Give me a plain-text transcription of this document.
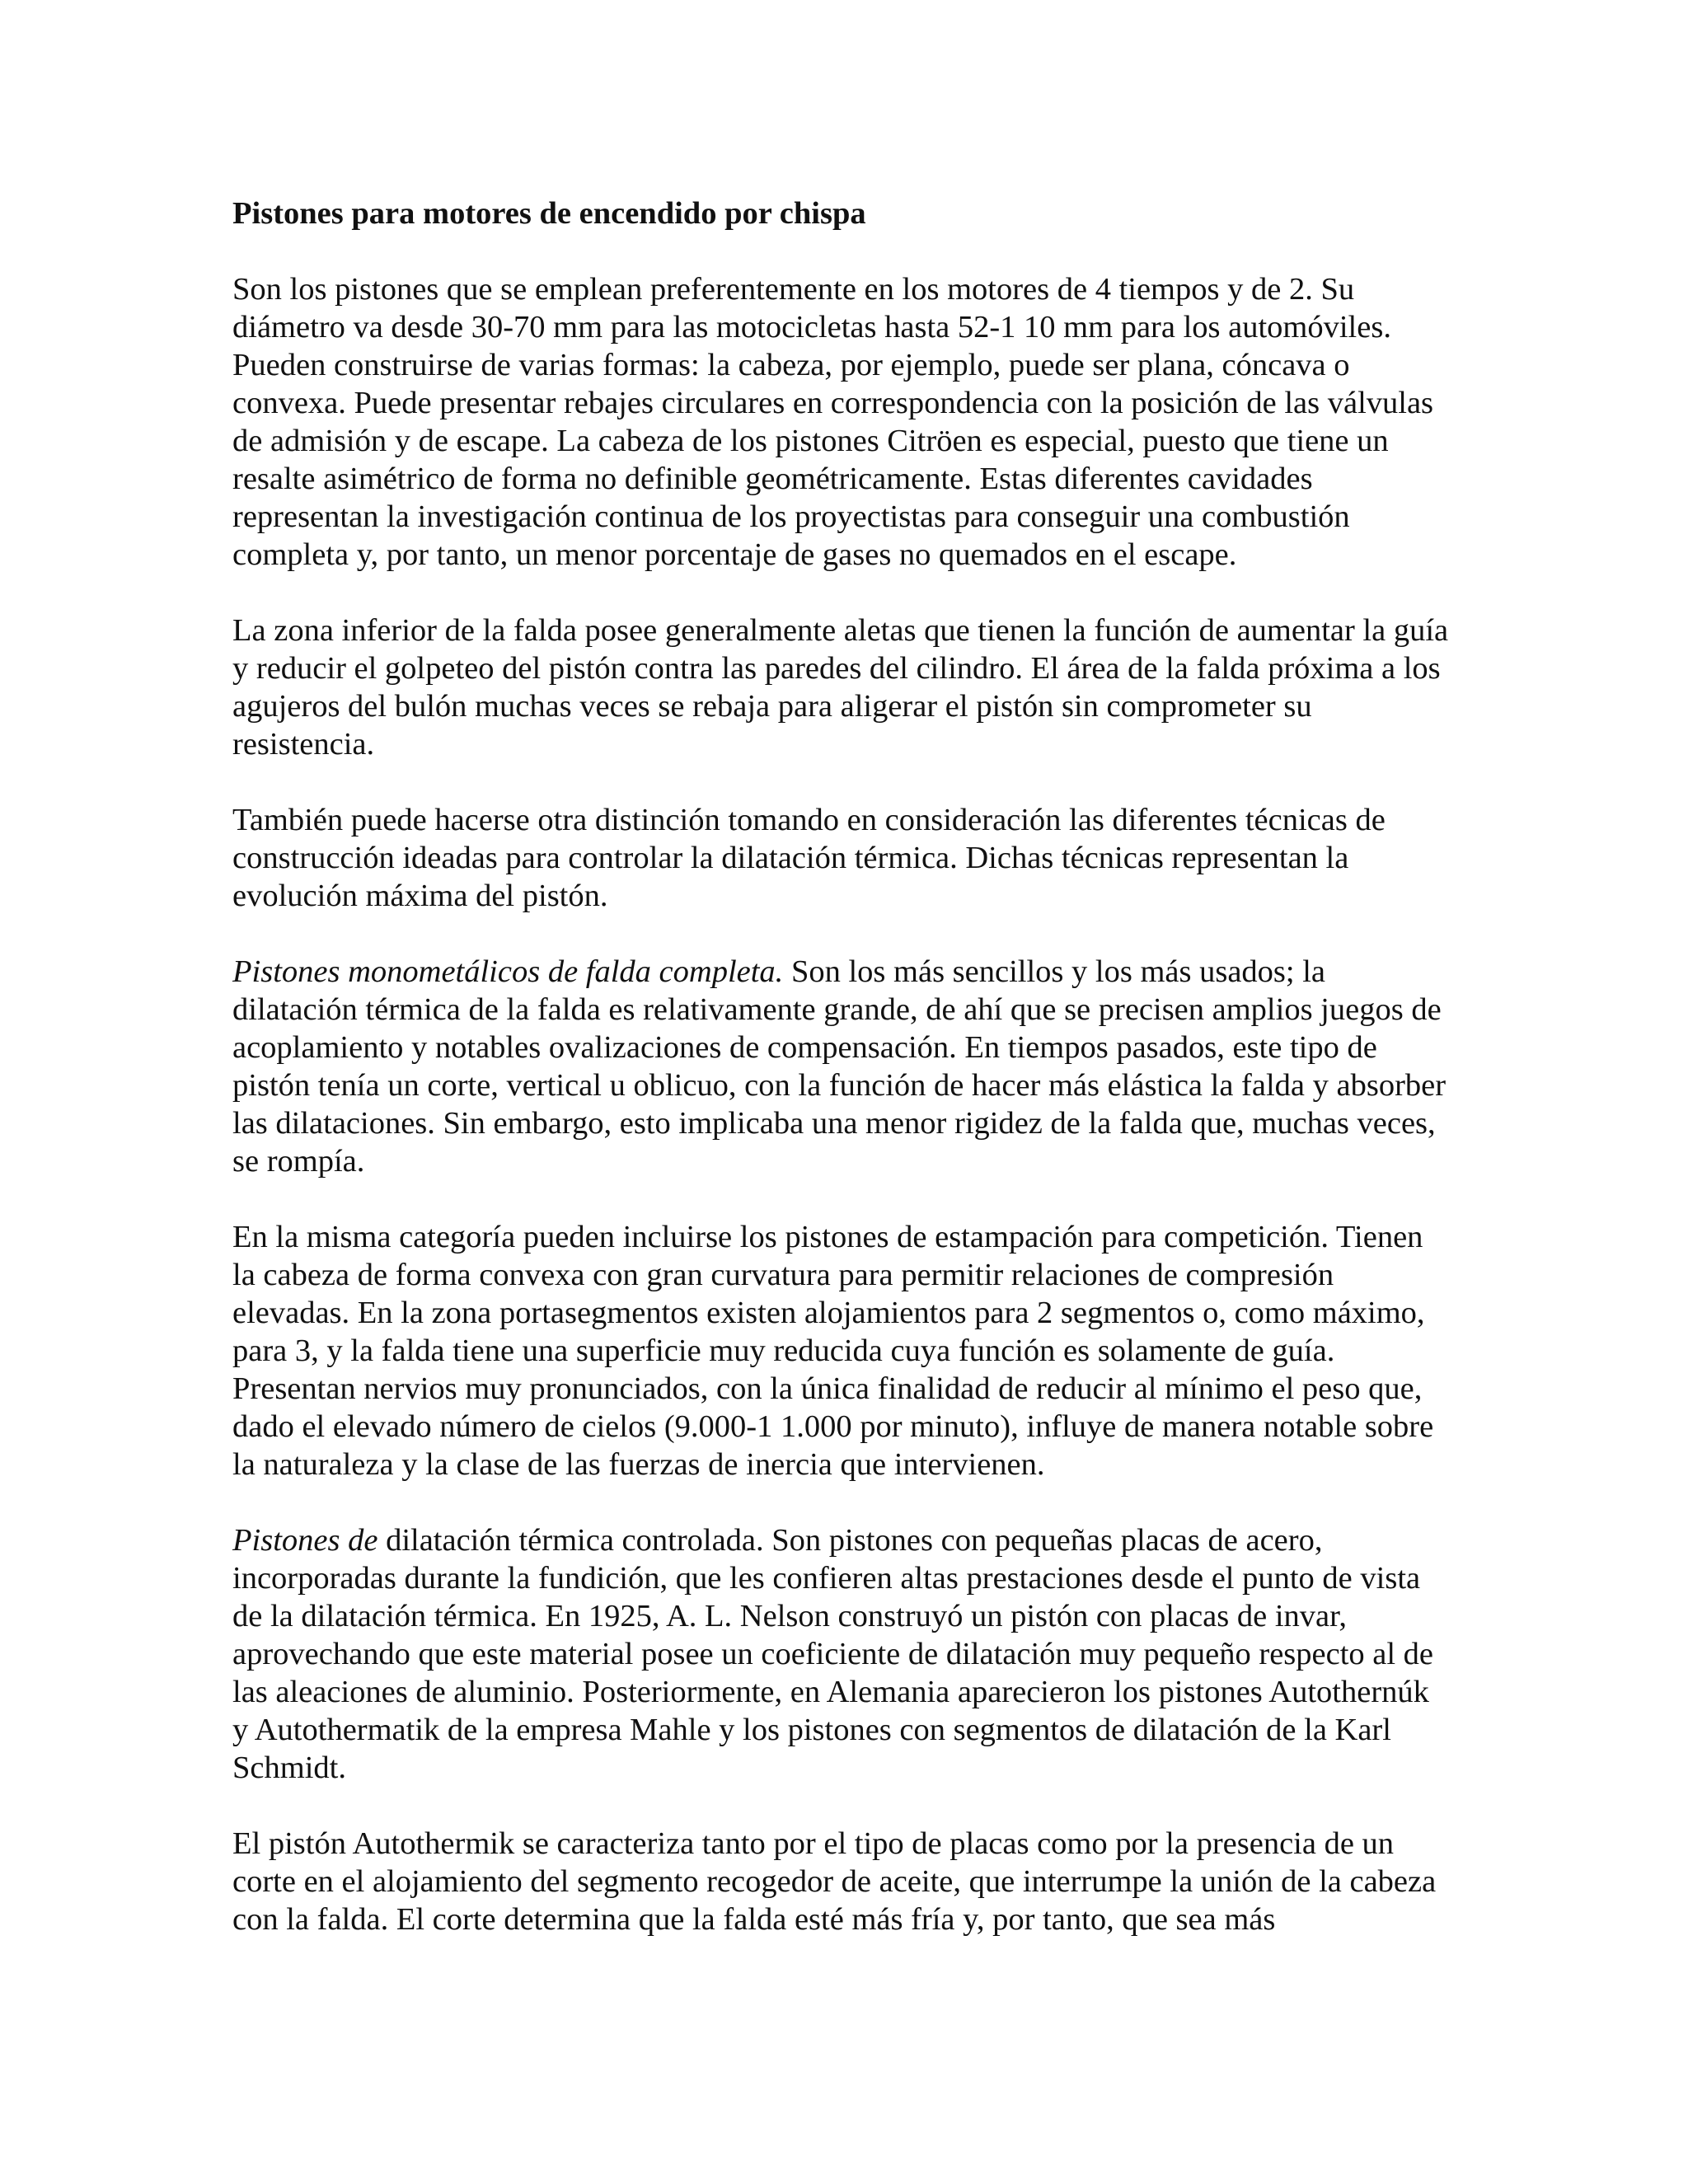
Pistones para motores de encendido por chispa

Son los pistones que se emplean preferentemente en los motores de 4 tiempos y de 2. Su diámetro va desde 30-70 mm para las motocicletas hasta 52-1 10 mm para los automóviles. Pueden construirse de varias formas: la cabeza, por ejemplo, puede ser plana, cóncava o convexa. Puede presentar rebajes circulares en correspondencia con la posición de las válvulas de admisión y de escape. La cabeza de los pistones Citröen es especial, puesto que tiene un resalte asimétrico de forma no definible geométricamente. Estas diferentes cavidades representan la investigación continua de los proyectistas para conseguir una combustión completa y, por tanto, un menor porcentaje de gases no quemados en el escape.

La zona inferior de la falda posee generalmente aletas que tienen la función de aumentar la guía y reducir el golpeteo del pistón contra las paredes del cilindro. El área de la falda próxima a los agujeros del bulón muchas veces se rebaja para aligerar el pistón sin comprometer su resistencia.

También puede hacerse otra distinción tomando en consideración las diferentes técnicas de construcción ideadas para controlar la dilatación térmica. Dichas técnicas representan la evolución máxima del pistón.

Pistones monometálicos de falda completa. Son los más sencillos y los más usados; la dilatación térmica de la falda es relativamente grande, de ahí que se precisen amplios juegos de acoplamiento y notables ovalizaciones de compensación. En tiempos pasados, este tipo de pistón tenía un corte, vertical u oblicuo, con la función de hacer más elástica la falda y absorber las dilataciones. Sin embargo, esto implicaba una menor rigidez de la falda que, muchas veces, se rompía.

En la misma categoría pueden incluirse los pistones de estampación para competición. Tienen la cabeza de forma convexa con gran curvatura para permitir relaciones de compresión elevadas. En la zona portasegmentos existen alojamientos para 2 segmentos o, como máximo, para 3, y la falda tiene una superficie muy reducida cuya función es solamente de guía. Presentan nervios muy pronunciados, con la única finalidad de reducir al mínimo el peso que, dado el elevado número de cielos (9.000-1 1.000 por minuto), influye de manera notable sobre la naturaleza y la clase de las fuerzas de inercia que intervienen.

Pistones de dilatación térmica controlada. Son pistones con pequeñas placas de acero, incorporadas durante la fundición, que les confieren altas prestaciones desde el punto de vista de la dilatación térmica. En 1925, A. L. Nelson construyó un pistón con placas de invar, aprovechando que este material posee un coeficiente de dilatación muy pequeño respecto al de las aleaciones de aluminio. Posteriormente, en Alemania aparecieron los pistones Autothernúk y Autothermatik de la empresa Mahle y los pistones con segmentos de dilatación de la Karl Schmidt.

El pistón Autothermik se caracteriza tanto por el tipo de placas como por la presencia de un corte en el alojamiento del segmento recogedor de aceite, que interrumpe la unión de la cabeza con la falda. El corte determina que la falda esté más fría y, por tanto, que sea más
